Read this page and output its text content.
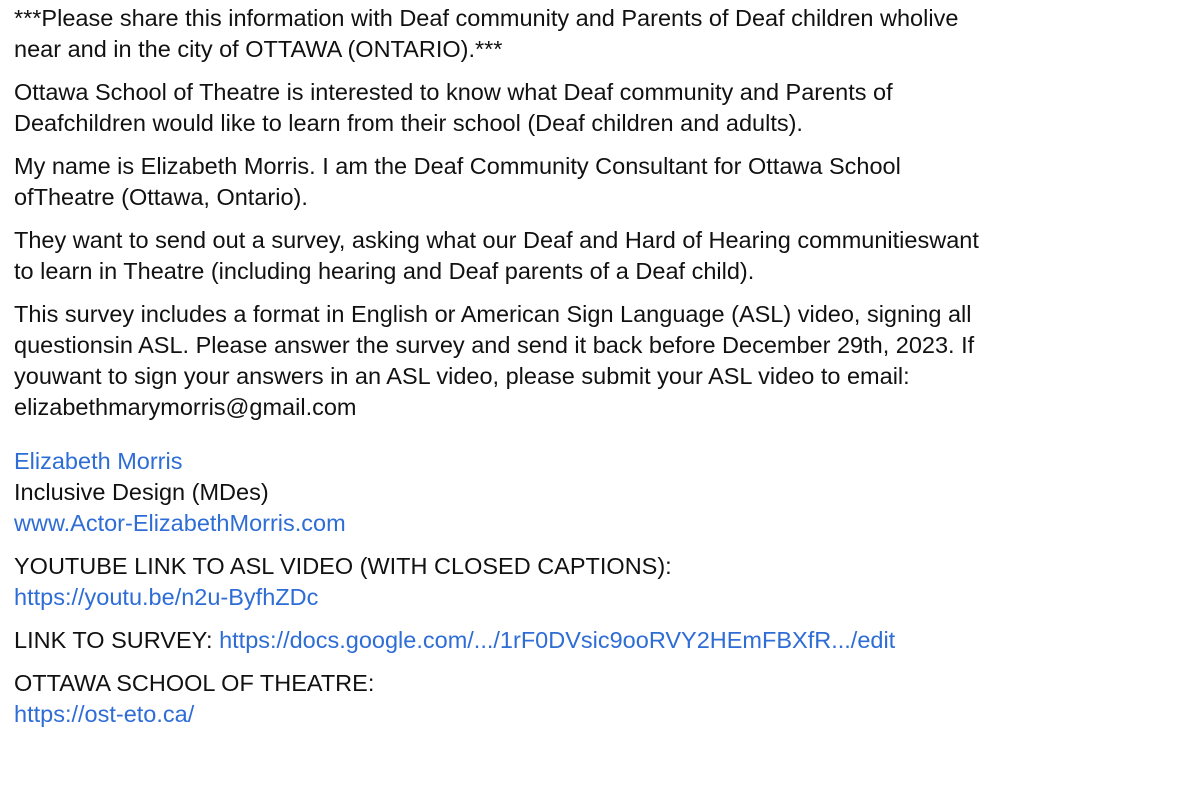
***Please share this information with Deaf community and Parents of Deaf children wholive
near and in the city of OTTAWA (ONTARIO).***

Ottawa School of Theatre is interested to know what Deaf community and Parents of
Deafchildren would like to learn from their school (Deaf children and adults).

My name is Elizabeth Morris. I am the Deaf Community Consultant for Ottawa School
ofTheatre (Ottawa, Ontario).

They want to send out a survey, asking what our Deaf and Hard of Hearing communitieswant
to learn in Theatre (including hearing and Deaf parents of a Deaf child).

This survey includes a format in English or American Sign Language (ASL) video, signing all
questionsin ASL. Please answer the survey and send it back before December 29th, 2023. If
youwant to sign your answers in an ASL video, please submit your ASL video to email:
elizabethmarymorris@gmail.com

Elizabeth Morris
Inclusive Design (MDes)
www.Actor-ElizabethMorris.com
YOUTUBE LINK TO ASL VIDEO (WITH CLOSED CAPTIONS):
https://youtu.be/n2u-ByfhZDc
LINK TO SURVEY: https://docs.google.com/.../1rF0DVsic9ooRVY2HEmFBXfR.../edit
OTTAWA SCHOOL OF THEATRE:
https://ost-eto.ca/
